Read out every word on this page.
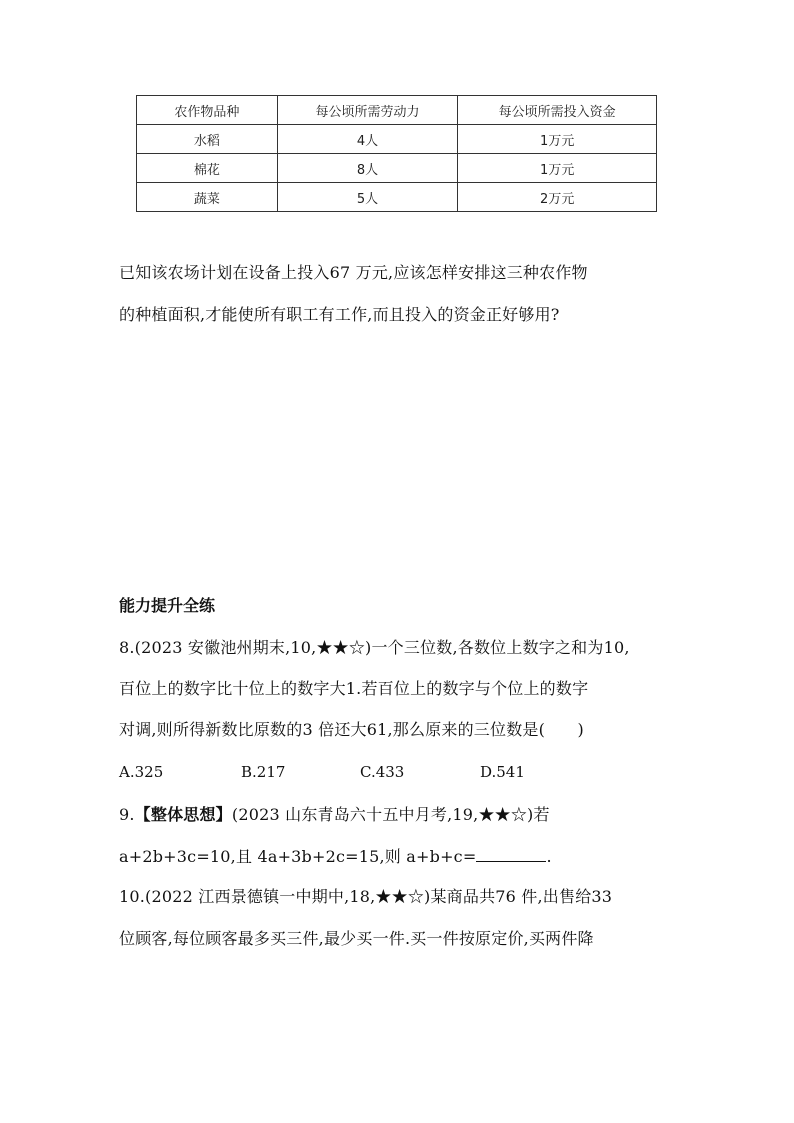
农作物品种	每公顷所需劳动力	每公顷所需投入资金
水稻	4人	1万元
棉花	8人	1万元
蔬菜	5人	2万元
已知该农场计划在设备上投入67 万元,应该怎样安排这三种农作物
的种植面积,才能使所有职工有工作,而且投入的资金正好够用?
能力提升全练
8.(2023 安徽池州期末,10,★★☆)一个三位数,各数位上数字之和为10,
百位上的数字比十位上的数字大1.若百位上的数字与个位上的数字
对调,则所得新数比原数的3 倍还大61,那么原来的三位数是(　　)
A.325	B.217	C.433	D.541
9.【整体思想】(2023 山东青岛六十五中月考,19,★★☆)若
a+2b+3c=10,且 4a+3b+2c=15,则 a+b+c=	.
10.(2022 江西景德镇一中期中,18,★★☆)某商品共76 件,出售给33
位顾客,每位顾客最多买三件,最少买一件.买一件按原定价,买两件降
